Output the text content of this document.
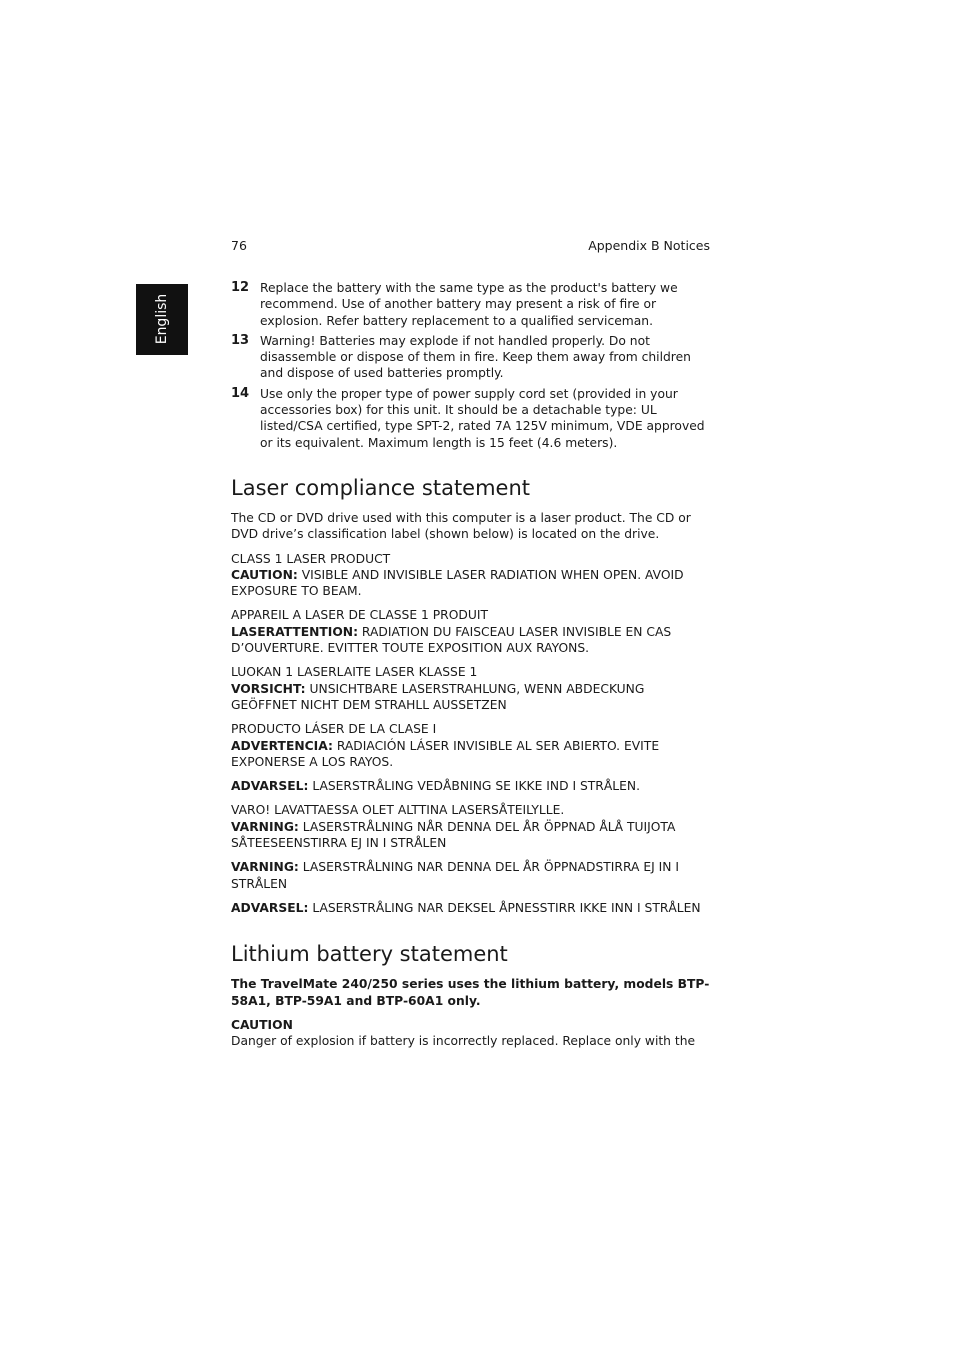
English
76	Appendix B Notices
12 Replace the battery with the same type as the product's battery we recommend. Use of another battery may present a risk of fire or explosion. Refer battery replacement to a qualified serviceman.
13 Warning! Batteries may explode if not handled properly. Do not disassemble or dispose of them in fire. Keep them away from children and dispose of used batteries promptly.
14 Use only the proper type of power supply cord set (provided in your accessories box) for this unit. It should be a detachable type: UL listed/CSA certified, type SPT-2, rated 7A 125V minimum, VDE approved or its equivalent. Maximum length is 15 feet (4.6 meters).
Laser compliance statement

The CD or DVD drive used with this computer is a laser product. The CD or DVD drive’s classification label (shown below) is located on the drive.

CLASS 1 LASER PRODUCT
CAUTION: VISIBLE AND INVISIBLE LASER RADIATION WHEN OPEN. AVOID EXPOSURE TO BEAM.

APPAREIL A LASER DE CLASSE 1 PRODUIT
LASERATTENTION: RADIATION DU FAISCEAU LASER INVISIBLE EN CAS D’OUVERTURE. EVITTER TOUTE EXPOSITION AUX RAYONS.

LUOKAN 1 LASERLAITE LASER KLASSE 1
VORSICHT: UNSICHTBARE LASERSTRAHLUNG, WENN ABDECKUNG GEÖFFNET NICHT DEM STRAHLL AUSSETZEN

PRODUCTO LÁSER DE LA CLASE I
ADVERTENCIA: RADIACIÓN LÁSER INVISIBLE AL SER ABIERTO. EVITE EXPONERSE A LOS RAYOS.

ADVARSEL: LASERSTRÅLING VEDÅBNING SE IKKE IND I STRÅLEN.

VARO! LAVATTAESSA OLET ALTTINA LASERSÅTEILYLLE.
VARNING: LASERSTRÅLNING NÅR DENNA DEL ÅR ÖPPNAD ÅLÅ TUIJOTA SÅTEESEENSTIRRA EJ IN I STRÅLEN

VARNING: LASERSTRÅLNING NAR DENNA DEL ÅR ÖPPNADSTIRRA EJ IN I STRÅLEN

ADVARSEL: LASERSTRÅLING NAR DEKSEL ÅPNESSTIRR IKKE INN I STRÅLEN

Lithium battery statement

The TravelMate 240/250 series uses the lithium battery, models BTP-58A1, BTP-59A1 and BTP-60A1 only.

CAUTION
Danger of explosion if battery is incorrectly replaced. Replace only with the
